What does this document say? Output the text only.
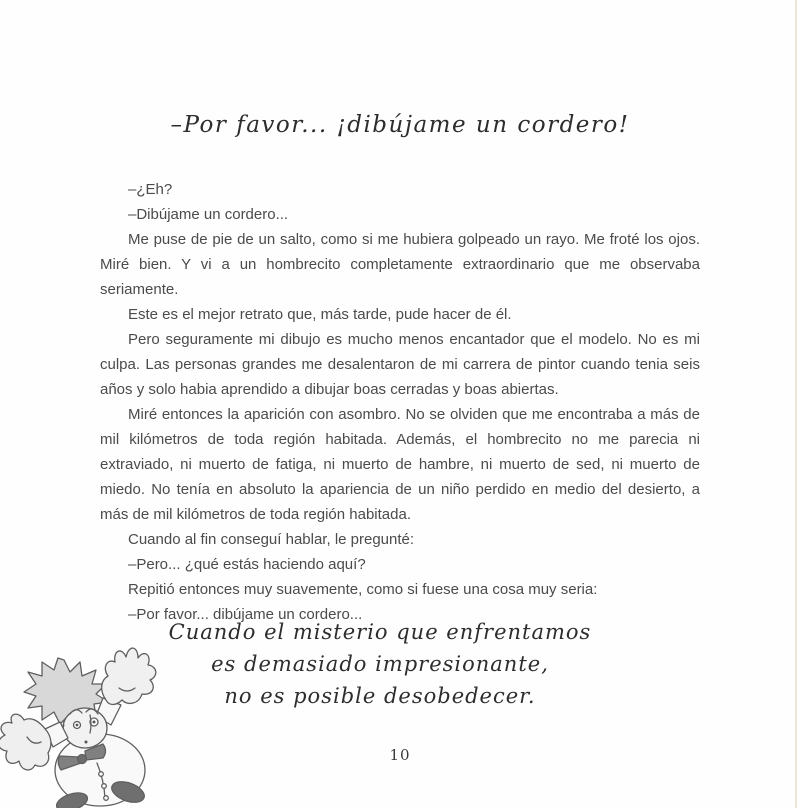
–Por favor... ¡dibújame un cordero!

–¿Eh?

–Dibújame un cordero...

Me puse de pie de un salto, como si me hubiera golpeado un rayo. Me froté los ojos. Miré bien. Y vi a un hombrecito completamente extraordinario que me observaba seriamente.

Este es el mejor retrato que, más tarde, pude hacer de él.

Pero seguramente mi dibujo es mucho menos encantador que el modelo. No es mi culpa. Las personas grandes me desalentaron de mi carrera de pintor cuando tenia seis años y solo habia aprendido a dibujar boas cerradas y boas abiertas.

Miré entonces la aparición con asombro. No se olviden que me encontraba a más de mil kilómetros de toda región habitada. Además, el hombrecito no me parecia ni extraviado, ni muerto de fatiga, ni muerto de hambre, ni muerto de sed, ni muerto de miedo. No tenía en absoluto la apariencia de un niño perdido en medio del desierto, a más de mil kilómetros de toda región habitada.

Cuando al fin conseguí hablar, le pregunté:

–Pero... ¿qué estás haciendo aquí?

Repitió entonces muy suavemente, como si fuese una cosa muy seria:

–Por favor... dibújame un cordero...

Cuando el misterio que enfrentamos
es demasiado impresionante,
no es posible desobedecer.
10
